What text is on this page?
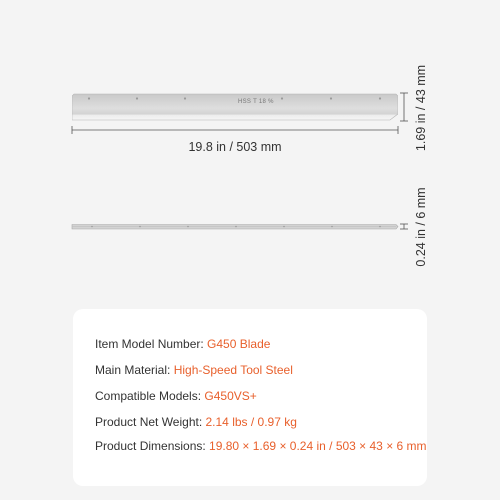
HSS T 18 %
19.8 in / 503 mm	1.69 in / 43 mm
0.24 in / 6 mm
Item Model Number: G450 Blade
Main Material: High-Speed Tool Steel
Compatible Models: G450VS+
Product Net Weight: 2.14 lbs / 0.97 kg
Product Dimensions: 19.80 × 1.69 × 0.24 in / 503 × 43 × 6 mm
